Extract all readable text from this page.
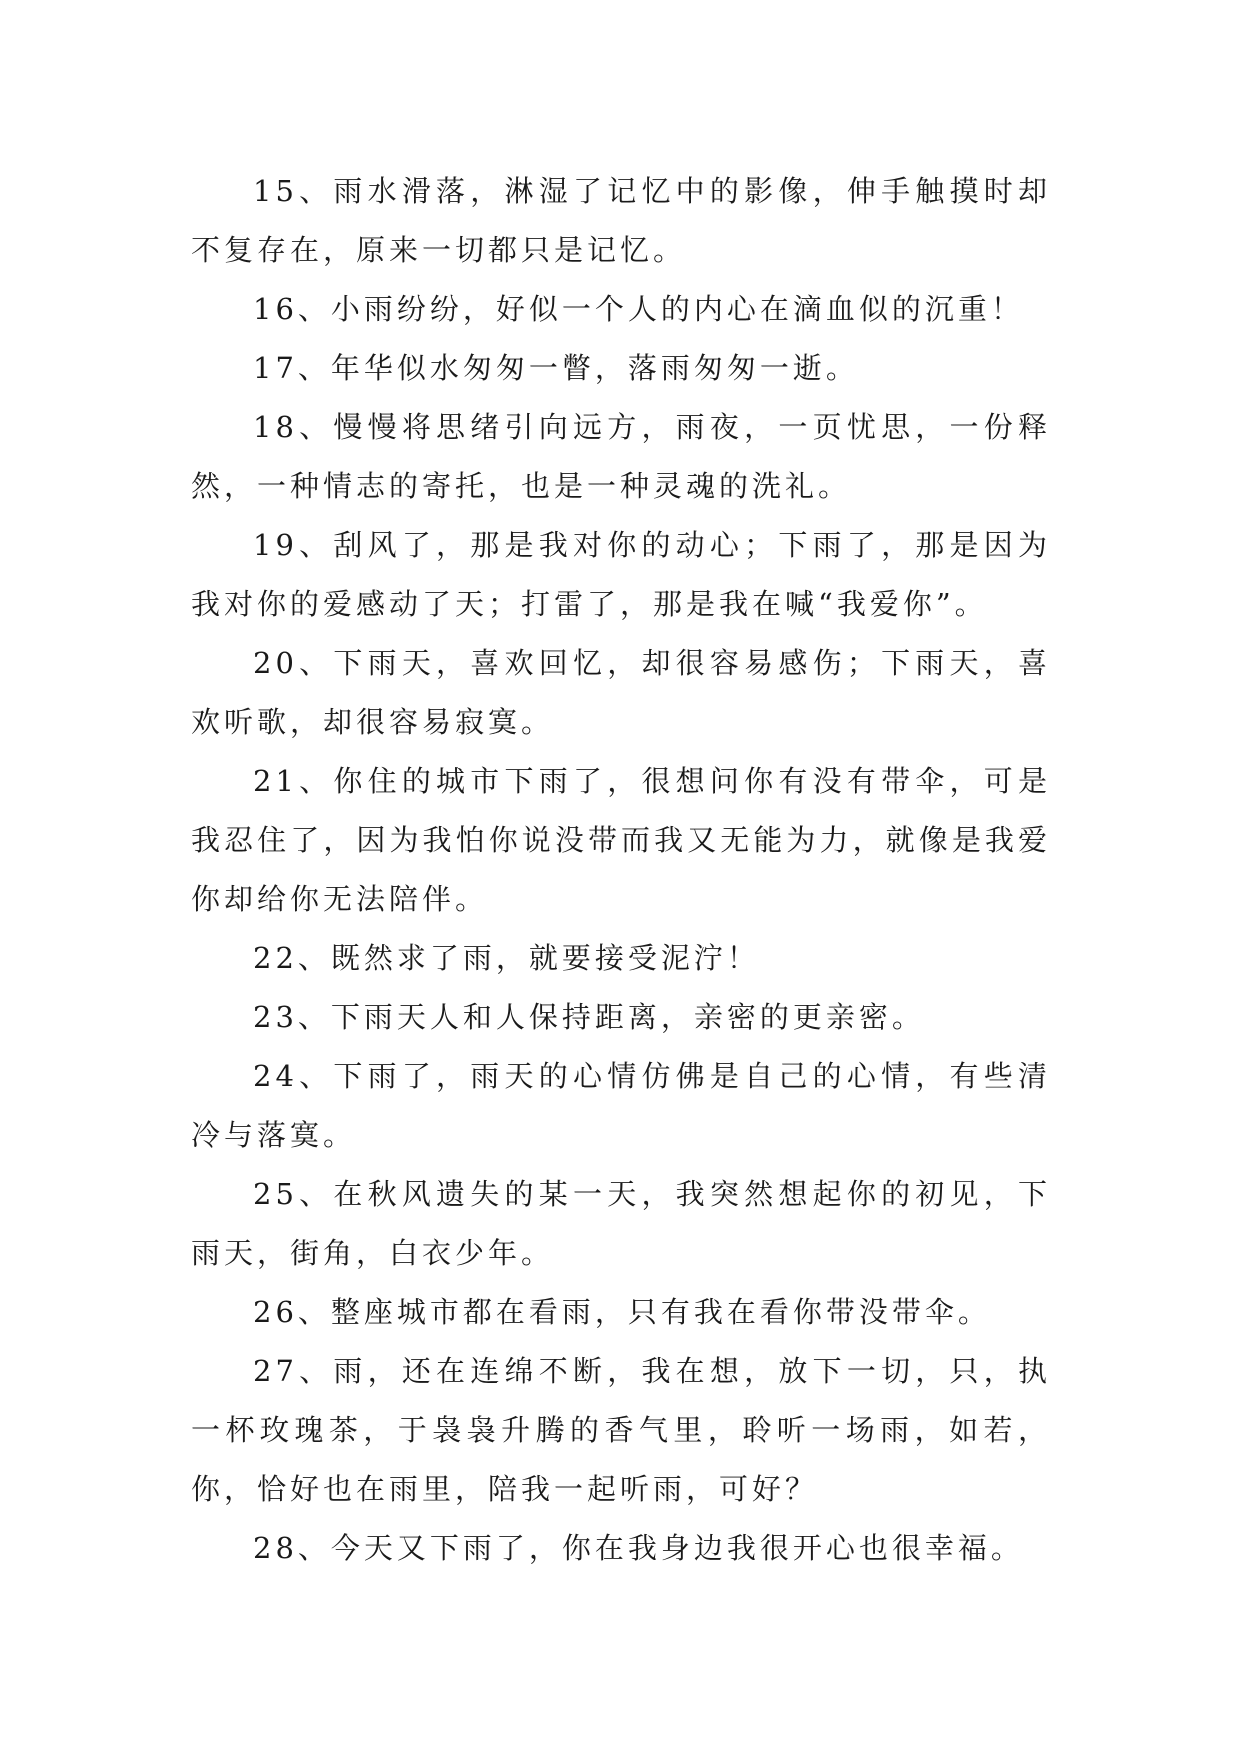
15、雨水滑落，淋湿了记忆中的影像，伸手触摸时却不复存在，原来一切都只是记忆。

16、小雨纷纷，好似一个人的内心在滴血似的沉重！

17、年华似水匆匆一瞥，落雨匆匆一逝。

18、慢慢将思绪引向远方，雨夜，一页忧思，一份释然，一种情志的寄托，也是一种灵魂的洗礼。

19、刮风了，那是我对你的动心；下雨了，那是因为我对你的爱感动了天；打雷了，那是我在喊“我爱你”。

20、下雨天，喜欢回忆，却很容易感伤；下雨天，喜欢听歌，却很容易寂寞。

21、你住的城市下雨了，很想问你有没有带伞，可是我忍住了，因为我怕你说没带而我又无能为力，就像是我爱你却给你无法陪伴。

22、既然求了雨，就要接受泥泞！

23、下雨天人和人保持距离，亲密的更亲密。

24、下雨了，雨天的心情仿佛是自己的心情，有些清冷与落寞。

25、在秋风遗失的某一天，我突然想起你的初见，下雨天，街角，白衣少年。

26、整座城市都在看雨，只有我在看你带没带伞。

27、雨，还在连绵不断，我在想，放下一切，只，执一杯玫瑰茶，于袅袅升腾的香气里，聆听一场雨，如若，你，恰好也在雨里，陪我一起听雨，可好？

28、今天又下雨了，你在我身边我很开心也很幸福。
